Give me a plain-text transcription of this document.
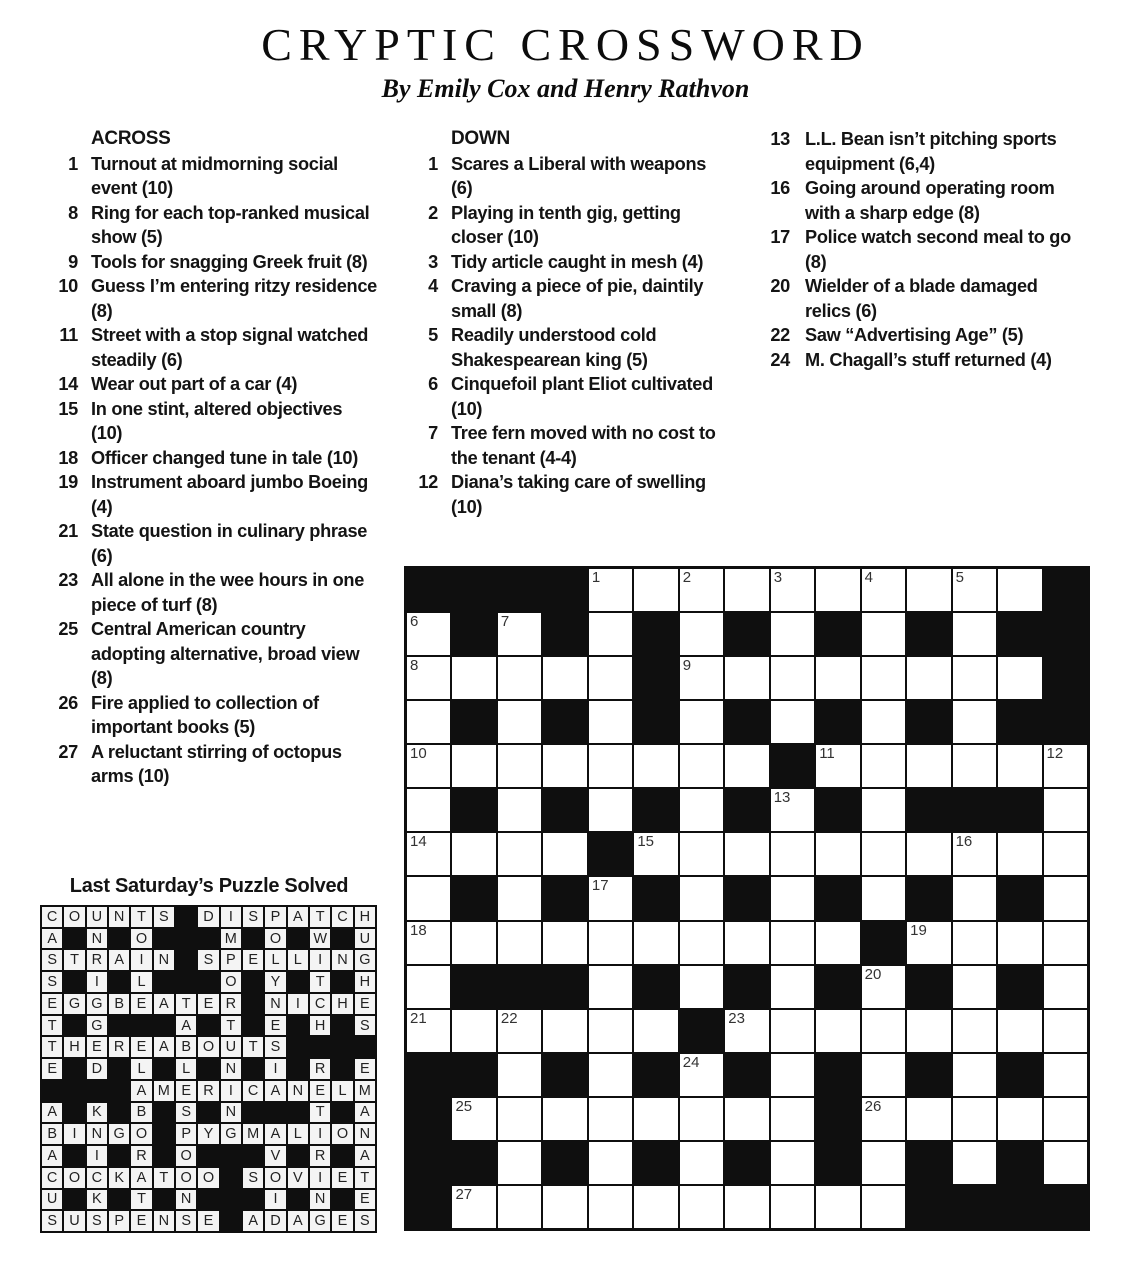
CRYPTIC CROSSWORD
By Emily Cox and Henry Rathvon
ACROSS
1 Turnout at midmorning social event (10)
8 Ring for each top-ranked musical show (5)
9 Tools for snagging Greek fruit (8)
10 Guess I’m entering ritzy residence (8)
11 Street with a stop signal watched steadily (6)
14 Wear out part of a car (4)
15 In one stint, altered objectives (10)
18 Officer changed tune in tale (10)
19 Instrument aboard jumbo Boeing (4)
21 State question in culinary phrase (6)
23 All alone in the wee hours in one piece of turf (8)
25 Central American country adopting alternative, broad view (8)
26 Fire applied to collection of important books (5)
27 A reluctant stirring of octopus arms (10)
DOWN
1 Scares a Liberal with weapons (6)
2 Playing in tenth gig, getting closer (10)
3 Tidy article caught in mesh (4)
4 Craving a piece of pie, daintily small (8)
5 Readily understood cold Shakespearean king (5)
6 Cinquefoil plant Eliot cultivated (10)
7 Tree fern moved with no cost to the tenant (4-4)
12 Diana’s taking care of swelling (10)
13 L.L. Bean isn’t pitching sports equipment (6,4)
16 Going around operating room with a sharp edge (8)
17 Police watch second meal to go (8)
20 Wielder of a blade damaged relics (6)
22 Saw “Advertising Age” (5)
24 M. Chagall’s stuff returned (4)
Last Saturday’s Puzzle Solved
C O U N T S	D	I	S P A T C H
A	N	O	M	O	W	U
S T R A	I	N	S P E L L	I	N G
S	I	L	O	Y	T	H
E G G B E A T E R	N	I	C H E
T	G	A	T	E	H	S
T H E R E A B O U T S
E	D	L	L	N	I	R	E
A M E R	I	C A N E L M
A	K	B	S	N	T	A
B	I	N G O	P Y G M A L	I	O N
A	I	R	O	V	R	A
C O C K A T O O	S O V	I	E T
U	K	T	N	I	N	E
S U S P E N S E	A D A G E S
1	2	3	4	5
6	7
8	9
10	11	12
13
14	15	16
17
18	19
20
21	22	23
24
25	26
27
